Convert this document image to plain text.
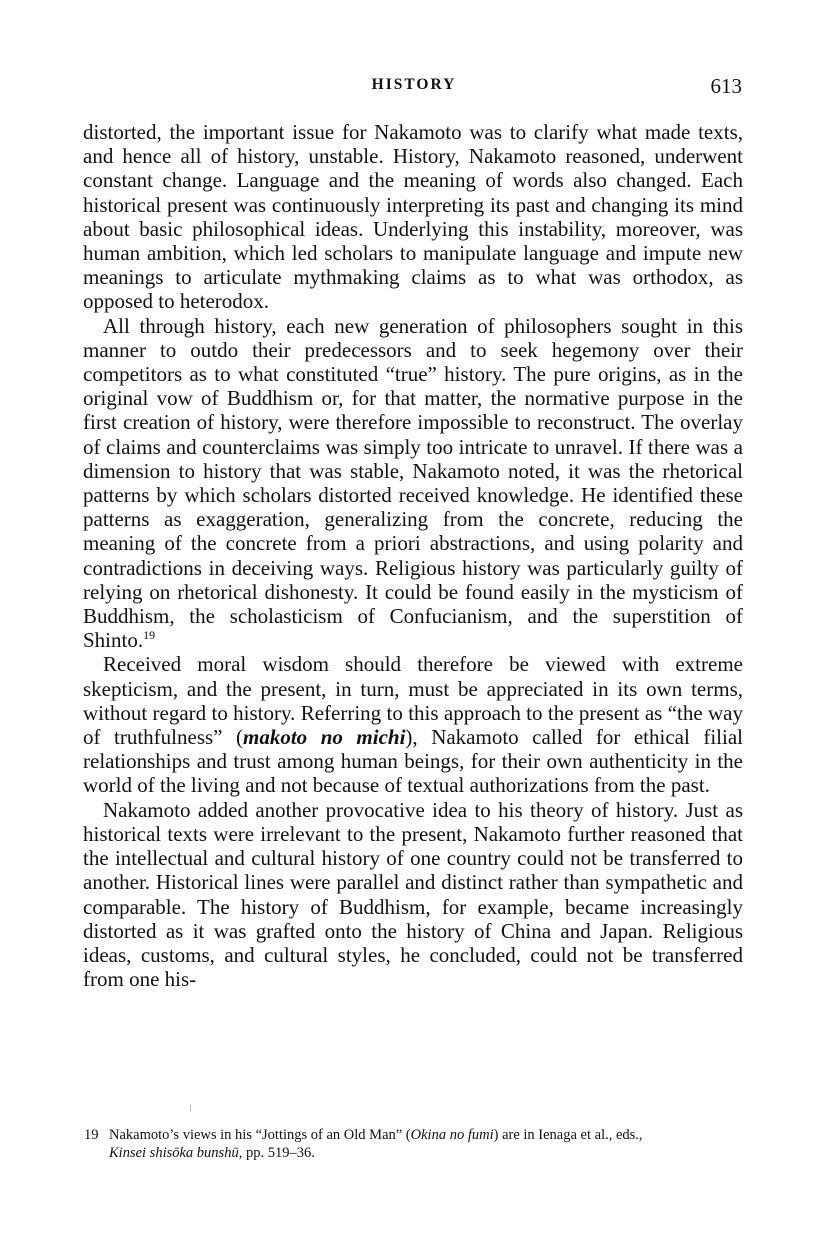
HISTORY	613

distorted, the important issue for Nakamoto was to clarify what made texts, and hence all of history, unstable. History, Nakamoto reasoned, underwent constant change. Language and the meaning of words also changed. Each historical present was continuously interpreting its past and changing its mind about basic philosophical ideas. Underlying this instability, moreover, was human ambition, which led scholars to manipulate language and impute new meanings to articulate mythmaking claims as to what was orthodox, as opposed to heterodox.

All through history, each new generation of philosophers sought in this manner to outdo their predecessors and to seek hegemony over their competitors as to what constituted “true” history. The pure origins, as in the original vow of Buddhism or, for that matter, the normative purpose in the first creation of history, were therefore impossible to reconstruct. The overlay of claims and counterclaims was simply too intricate to unravel. If there was a dimension to history that was stable, Nakamoto noted, it was the rhetorical patterns by which scholars distorted received knowledge. He identified these patterns as exaggeration, generalizing from the concrete, reducing the meaning of the concrete from a priori abstractions, and using polarity and contradictions in deceiving ways. Religious history was particularly guilty of relying on rhetorical dishonesty. It could be found easily in the mysticism of Buddhism, the scholasticism of Confucianism, and the superstition of Shinto.$^{19}$

Received moral wisdom should therefore be viewed with extreme skepticism, and the present, in turn, must be appreciated in its own terms, without regard to history. Referring to this approach to the present as “the way of truthfulness” (makoto no michi), Nakamoto called for ethical filial relationships and trust among human beings, for their own authenticity in the world of the living and not because of textual authorizations from the past.

Nakamoto added another provocative idea to his theory of history. Just as historical texts were irrelevant to the present, Nakamoto further reasoned that the intellectual and cultural history of one country could not be transferred to another. Historical lines were parallel and distinct rather than sympathetic and comparable. The history of Buddhism, for example, became increasingly distorted as it was grafted onto the history of China and Japan. Religious ideas, customs, and cultural styles, he concluded, could not be transferred from one his-

19 Nakamoto’s views in his “Jottings of an Old Man” (Okina no fumi) are in Ienaga et al., eds.,
Kinsei shisōka bunshū, pp. 519–36.
